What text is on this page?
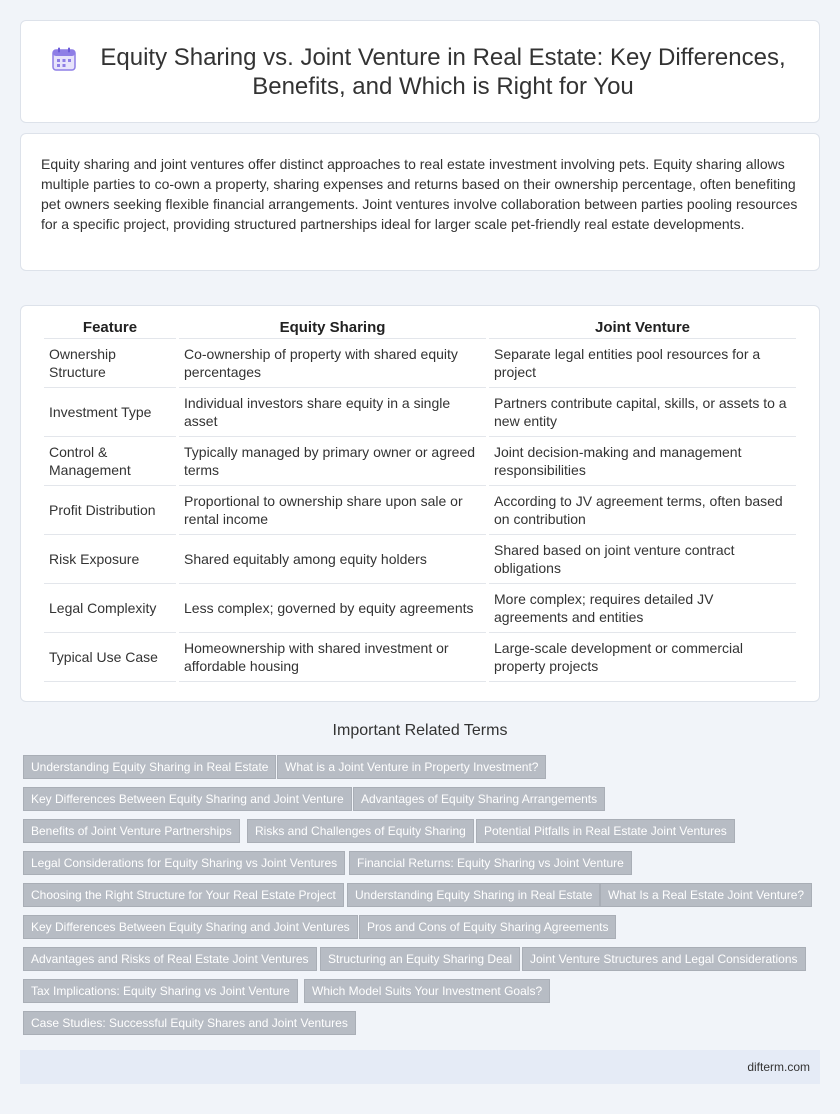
Equity Sharing vs. Joint Venture in Real Estate: Key Differences, Benefits, and Which is Right for You

Equity sharing and joint ventures offer distinct approaches to real estate investment involving pets. Equity sharing allows multiple parties to co-own a property, sharing expenses and returns based on their ownership percentage, often benefiting pet owners seeking flexible financial arrangements. Joint ventures involve collaboration between parties pooling resources for a specific project, providing structured partnerships ideal for larger scale pet-friendly real estate developments.

Feature	Equity Sharing	Joint Venture
Ownership Structure	Co-ownership of property with shared equity percentages	Separate legal entities pool resources for a project
Investment Type	Individual investors share equity in a single asset	Partners contribute capital, skills, or assets to a new entity
Control & Management	Typically managed by primary owner or agreed terms	Joint decision-making and management responsibilities
Profit Distribution	Proportional to ownership share upon sale or rental income	According to JV agreement terms, often based on contribution
Risk Exposure	Shared equitably among equity holders	Shared based on joint venture contract obligations
Legal Complexity	Less complex; governed by equity agreements	More complex; requires detailed JV agreements and entities
Typical Use Case	Homeownership with shared investment or affordable housing	Large-scale development or commercial property projects
Important Related Terms
Understanding Equity Sharing in Real Estate	What is a Joint Venture in Property Investment?
Key Differences Between Equity Sharing and Joint Venture	Advantages of Equity Sharing Arrangements
Benefits of Joint Venture Partnerships	Risks and Challenges of Equity Sharing	Potential Pitfalls in Real Estate Joint Ventures
Legal Considerations for Equity Sharing vs Joint Ventures	Financial Returns: Equity Sharing vs Joint Venture
Choosing the Right Structure for Your Real Estate Project	Understanding Equity Sharing in Real Estate	What Is a Real Estate Joint Venture?
Key Differences Between Equity Sharing and Joint Ventures	Pros and Cons of Equity Sharing Agreements
Advantages and Risks of Real Estate Joint Ventures	Structuring an Equity Sharing Deal	Joint Venture Structures and Legal Considerations
Tax Implications: Equity Sharing vs Joint Venture	Which Model Suits Your Investment Goals?
Case Studies: Successful Equity Shares and Joint Ventures
difterm.com
